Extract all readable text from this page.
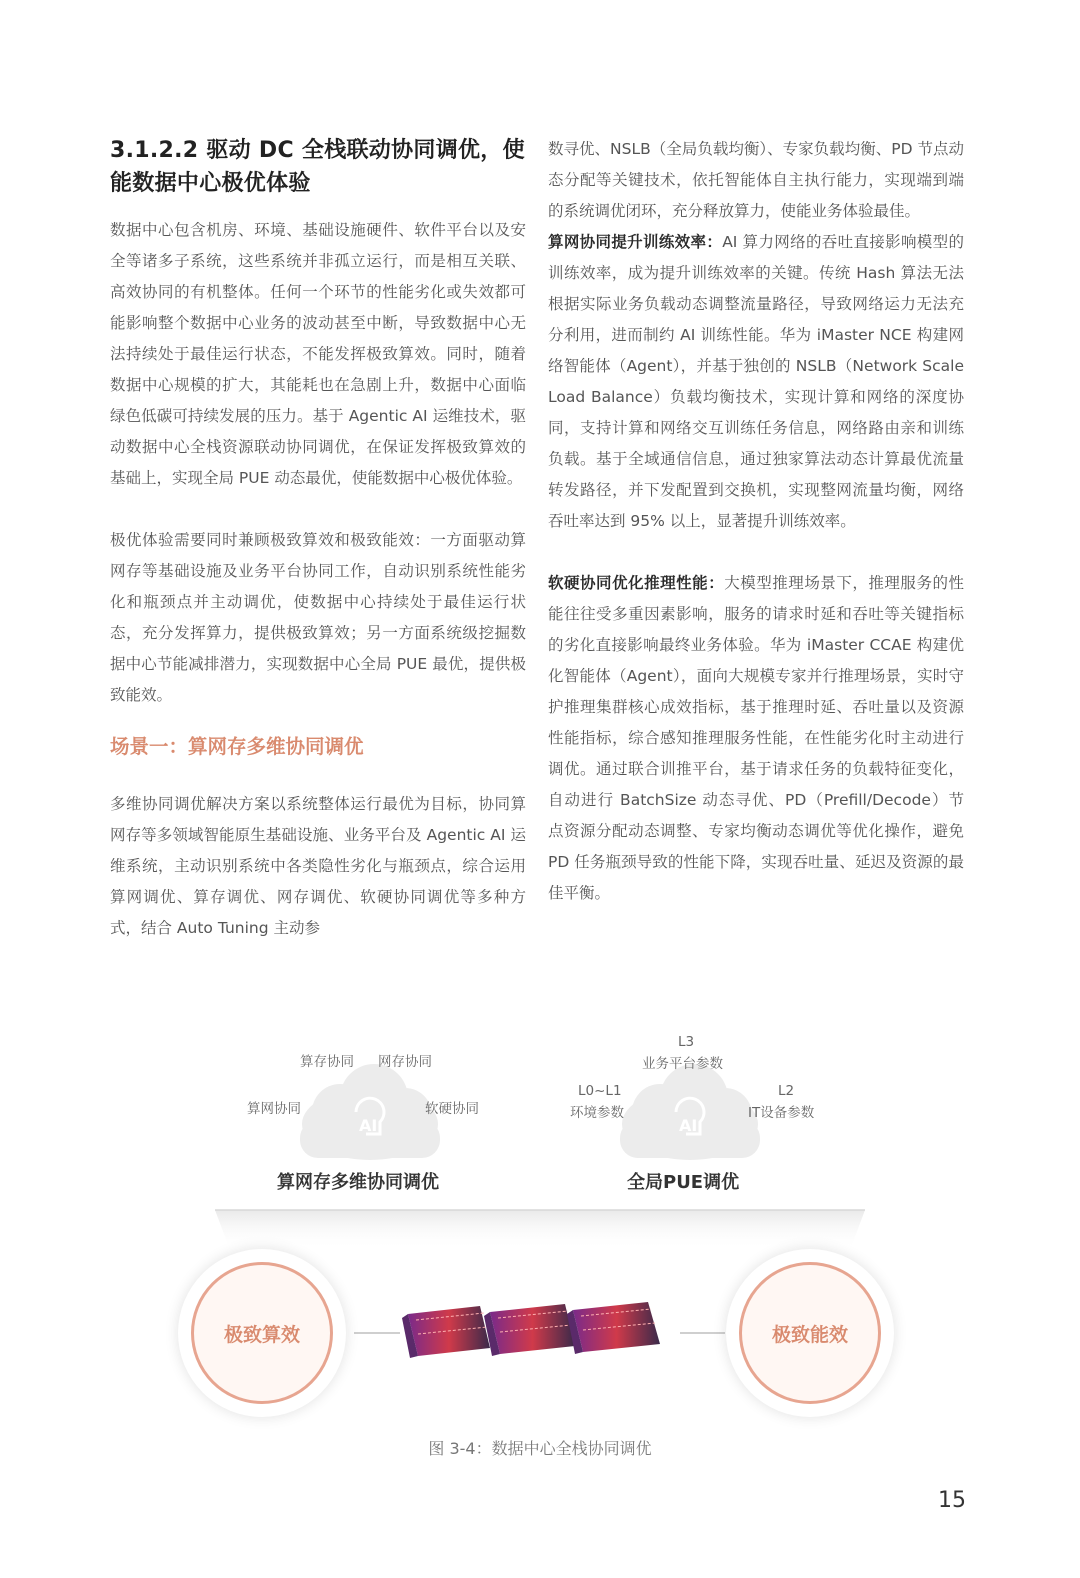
3.1.2.2 驱动 DC 全栈联动协同调优，使能数据中心极优体验

数据中心包含机房、环境、基础设施硬件、软件平台以及安全等诸多子系统，这些系统并非孤立运行，而是相互关联、高效协同的有机整体。任何一个环节的性能劣化或失效都可能影响整个数据中心业务的波动甚至中断，导致数据中心无法持续处于最佳运行状态，不能发挥极致算效。同时，随着数据中心规模的扩大，其能耗也在急剧上升，数据中心面临绿色低碳可持续发展的压力。基于 Agentic AI 运维技术，驱动数据中心全栈资源联动协同调优，在保证发挥极致算效的基础上，实现全局 PUE 动态最优，使能数据中心极优体验。

极优体验需要同时兼顾极致算效和极致能效：一方面驱动算网存等基础设施及业务平台协同工作，自动识别系统性能劣化和瓶颈点并主动调优，使数据中心持续处于最佳运行状态，充分发挥算力，提供极致算效；另一方面系统级挖掘数据中心节能减排潜力，实现数据中心全局 PUE 最优，提供极致能效。

场景一：算网存多维协同调优

多维协同调优解决方案以系统整体运行最优为目标，协同算网存等多领域智能原生基础设施、业务平台及 Agentic AI 运维系统，主动识别系统中各类隐性劣化与瓶颈点，综合运用算网调优、算存调优、网存调优、软硬协同调优等多种方式，结合 Auto Tuning 主动参

数寻优、NSLB（全局负载均衡）、专家负载均衡、PD 节点动态分配等关键技术，依托智能体自主执行能力，实现端到端的系统调优闭环，充分释放算力，使能业务体验最佳。

算网协同提升训练效率：AI 算力网络的吞吐直接影响模型的训练效率，成为提升训练效率的关键。传统 Hash 算法无法根据实际业务负载动态调整流量路径，导致网络运力无法充分利用，进而制约 AI 训练性能。华为 iMaster NCE 构建网络智能体（Agent），并基于独创的 NSLB（Network Scale Load Balance）负载均衡技术，实现计算和网络的深度协同，支持计算和网络交互训练任务信息，网络路由亲和训练负载。基于全域通信信息，通过独家算法动态计算最优流量转发路径，并下发配置到交换机，实现整网流量均衡，网络吞吐率达到 95% 以上，显著提升训练效率。

软硬协同优化推理性能：大模型推理场景下，推理服务的性能往往受多重因素影响，服务的请求时延和吞吐等关键指标的劣化直接影响最终业务体验。华为 iMaster CCAE 构建优化智能体（Agent），面向大规模专家并行推理场景，实时守护推理集群核心成效指标，基于推理时延、吞吐量以及资源性能指标，综合感知推理服务性能，在性能劣化时主动进行调优。通过联合训推平台，基于请求任务的负载特征变化，自动进行 BatchSize 动态寻优、PD（Prefill/Decode）节点资源分配动态调整、专家均衡动态调优等优化操作，避免 PD 任务瓶颈导致的性能下降，实现吞吐量、延迟及资源的最佳平衡。

算存协同 网存协同
算网协同	软硬协同
AI
算网存多维协同调优
L3
业务平台参数
L0~L1
环境参数
L2
IT设备参数
AI
全局PUE调优
极致算效	极致能效
图 3-4：数据中心全栈协同调优
15
